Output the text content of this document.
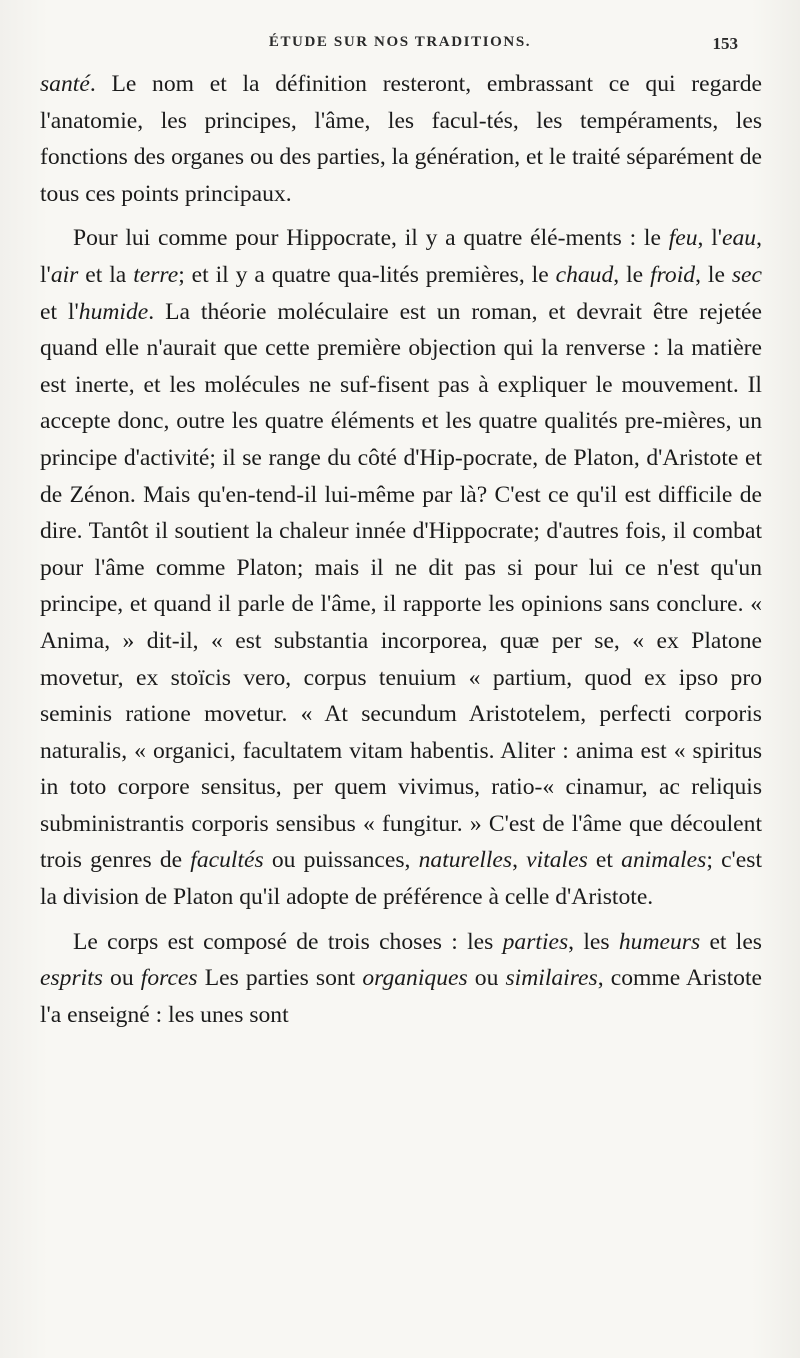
ÉTUDE SUR NOS TRADITIONS.	153

santé. Le nom et la définition resteront, embrassant ce qui regarde l'anatomie, les principes, l'âme, les facul-tés, les tempéraments, les fonctions des organes ou des parties, la génération, et le traité séparément de tous ces points principaux.

Pour lui comme pour Hippocrate, il y a quatre élé-ments : le feu, l'eau, l'air et la terre; et il y a quatre qua-lités premières, le chaud, le froid, le sec et l'humide. La théorie moléculaire est un roman, et devrait être rejetée quand elle n'aurait que cette première objection qui la renverse : la matière est inerte, et les molécules ne suf-fisent pas à expliquer le mouvement. Il accepte donc, outre les quatre éléments et les quatre qualités pre-mières, un principe d'activité; il se range du côté d'Hip-pocrate, de Platon, d'Aristote et de Zénon. Mais qu'en-tend-il lui-même par là? C'est ce qu'il est difficile de dire. Tantôt il soutient la chaleur innée d'Hippocrate; d'autres fois, il combat pour l'âme comme Platon; mais il ne dit pas si pour lui ce n'est qu'un principe, et quand il parle de l'âme, il rapporte les opinions sans conclure. « Anima, » dit-il, « est substantia incorporea, quæ per se, « ex Platone movetur, ex stoïcis vero, corpus tenuium « partium, quod ex ipso pro seminis ratione movetur. « At secundum Aristotelem, perfecti corporis naturalis, « organici, facultatem vitam habentis. Aliter : anima est « spiritus in toto corpore sensitus, per quem vivimus, ratio-« cinamur, ac reliquis subministrantis corporis sensibus « fungitur. » C'est de l'âme que découlent trois genres de facultés ou puissances, naturelles, vitales et animales; c'est la division de Platon qu'il adopte de préférence à celle d'Aristote.

Le corps est composé de trois choses : les parties, les humeurs et les esprits ou forces Les parties sont organiques ou similaires, comme Aristote l'a enseigné : les unes sont
